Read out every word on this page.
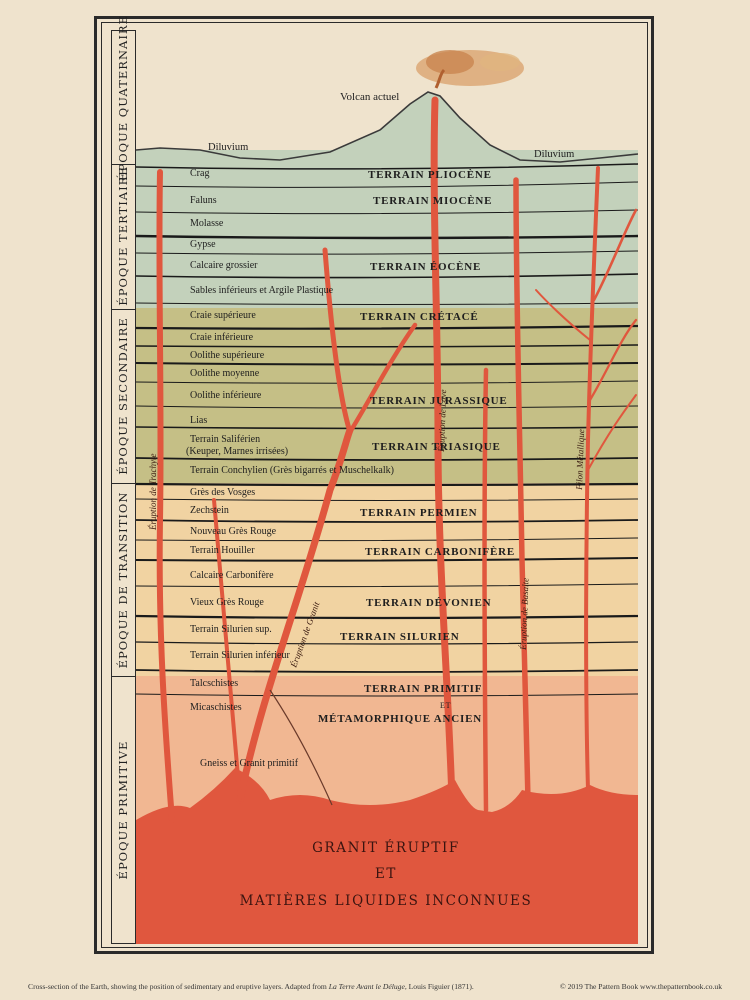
ÉPOQUE QUATERNAIRE
ÉPOQUE TERTIAIRE
ÉPOQUE SECONDAIRE
ÉPOQUE DE TRANSITION
ÉPOQUE PRIMITIVE
Volcan actuel
Diluvium
Diluvium
Crag
Faluns
Molasse
Gypse
Calcaire grossier
Sables inférieurs et Argile Plastique
Craie supérieure
Craie inférieure
Oolithe supérieure
Oolithe moyenne
Oolithe inférieure
Lias
Terrain Saliférien
(Keuper, Marnes irrisées)
Terrain Conchylien (Grès bigarrés et Muschelkalk)
Grès des Vosges
Zechstein
Nouveau Grès Rouge
Terrain Houiller
Calcaire Carbonifère
Vieux Grès Rouge
Terrain Silurien sup.
Terrain Silurien inférieur
Talcschistes
Micaschistes
Gneiss et Granit primitif
TERRAIN PLIOCÈNE
TERRAIN MIOCÈNE
TERRAIN ÉOCÈNE
TERRAIN CRÉTACÉ
TERRAIN JURASSIQUE
TERRAIN TRIASIQUE
TERRAIN PERMIEN
TERRAIN CARBONIFÈRE
TERRAIN DÉVONIEN
TERRAIN SILURIEN
TERRAIN PRIMITIF
MÉTAMORPHIQUE ANCIEN
ET
Éruption de Trachyte
Éruption de Granit
Éruption de Lave
Éruption de Basalte
Filon Métallique
GRANIT ÉRUPTIF
ET
MATIÈRES LIQUIDES INCONNUES
Cross-section of the Earth, showing the position of sedimentary and eruptive layers. Adapted from La Terre Avant le Déluge, Louis Figuier (1871).	© 2019 The Pattern Book www.thepatternbook.co.uk
